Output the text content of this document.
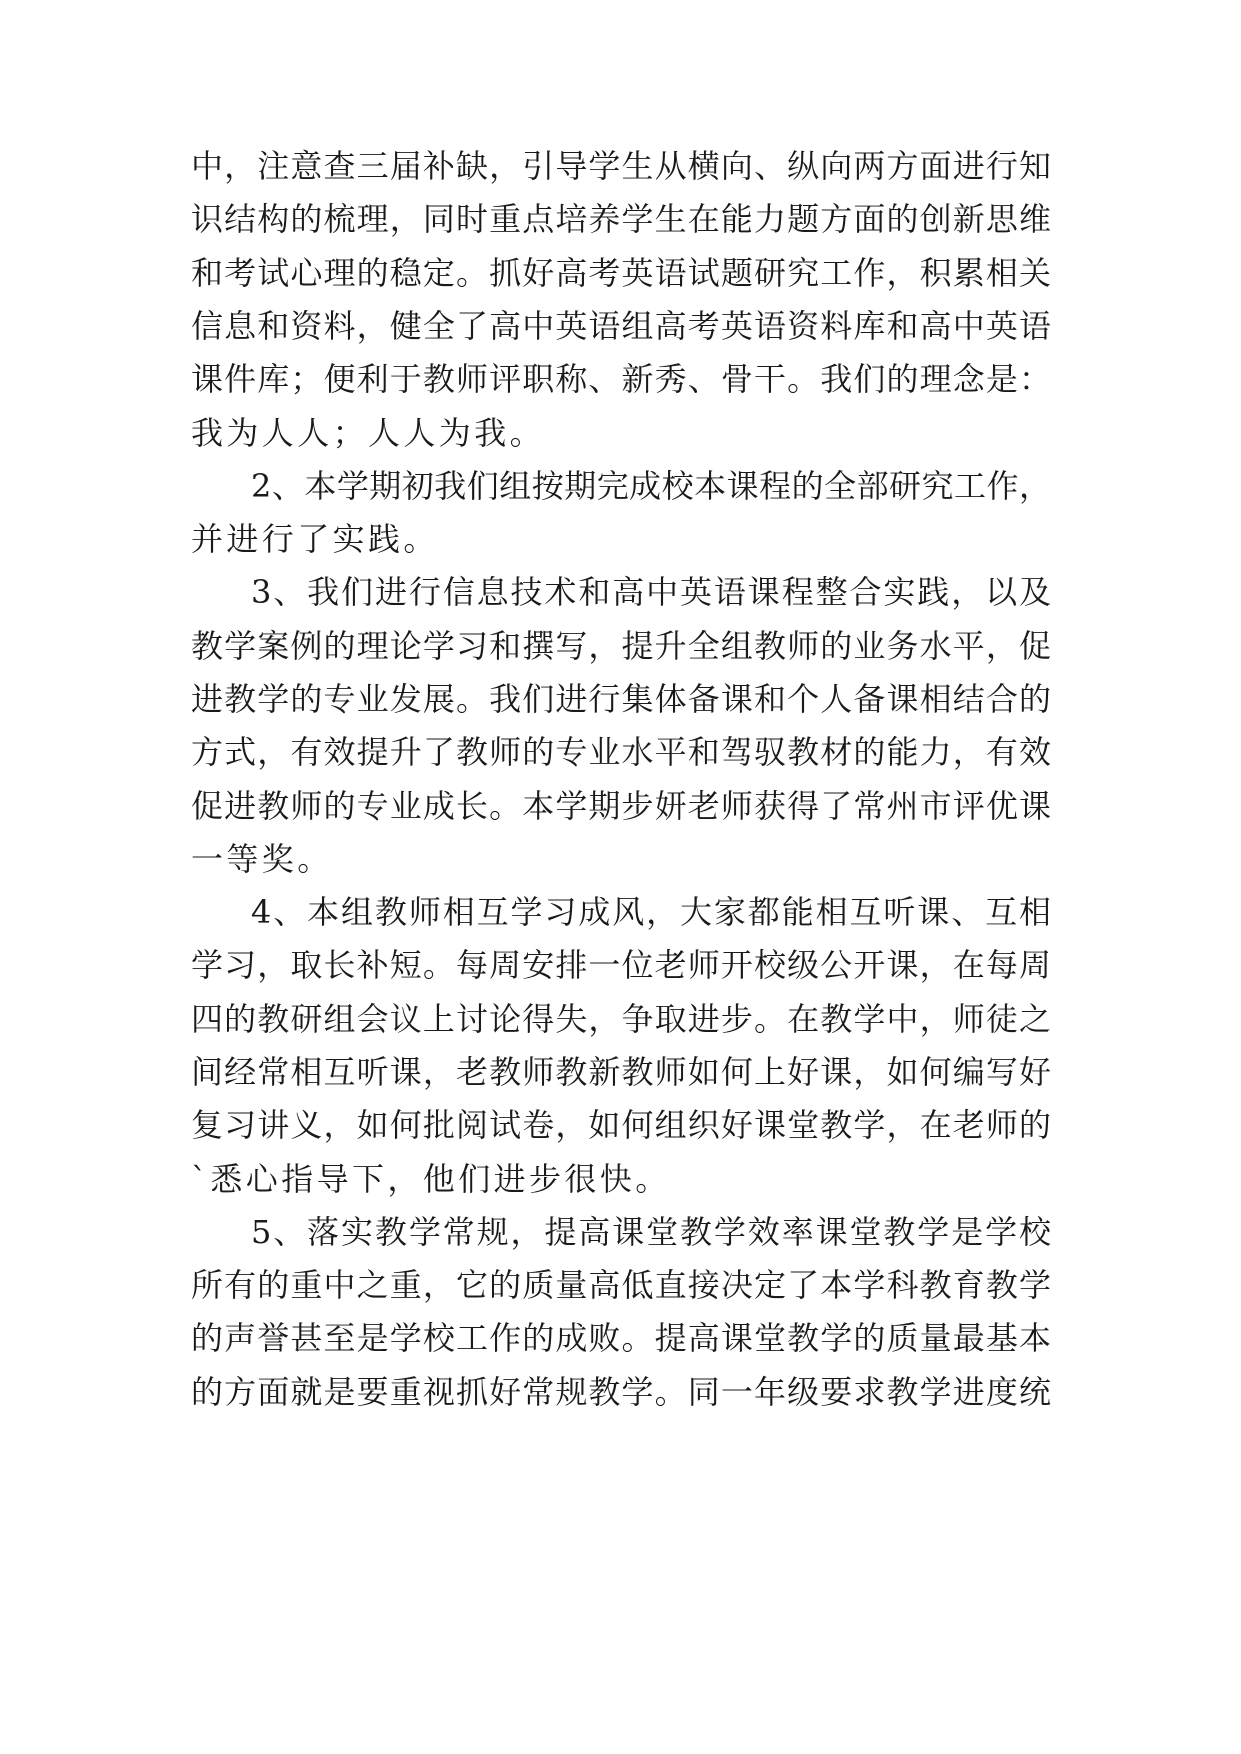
中，注意查三届补缺，引导学生从横向、纵向两方面进行知
识结构的梳理，同时重点培养学生在能力题方面的创新思维
和考试心理的稳定。抓好高考英语试题研究工作，积累相关
信息和资料，健全了高中英语组高考英语资料库和高中英语
课件库；便利于教师评职称、新秀、骨干。我们的理念是：
我为人人；人人为我。
2、本学期初我们组按期完成校本课程的全部研究工作，
并进行了实践。
3、我们进行信息技术和高中英语课程整合实践，以及
教学案例的理论学习和撰写，提升全组教师的业务水平，促
进教学的专业发展。我们进行集体备课和个人备课相结合的
方式，有效提升了教师的专业水平和驾驭教材的能力，有效
促进教师的专业成长。本学期步妍老师获得了常州市评优课
一等奖。
4、本组教师相互学习成风，大家都能相互听课、互相
学习，取长补短。每周安排一位老师开校级公开课，在每周
四的教研组会议上讨论得失，争取进步。在教学中，师徒之
间经常相互听课，老教师教新教师如何上好课，如何编写好
复习讲义，如何批阅试卷，如何组织好课堂教学，在老师的
`悉心指导下，他们进步很快。
5、落实教学常规，提高课堂教学效率课堂教学是学校
所有的重中之重，它的质量高低直接决定了本学科教育教学
的声誉甚至是学校工作的成败。提高课堂教学的质量最基本
的方面就是要重视抓好常规教学。同一年级要求教学进度统
